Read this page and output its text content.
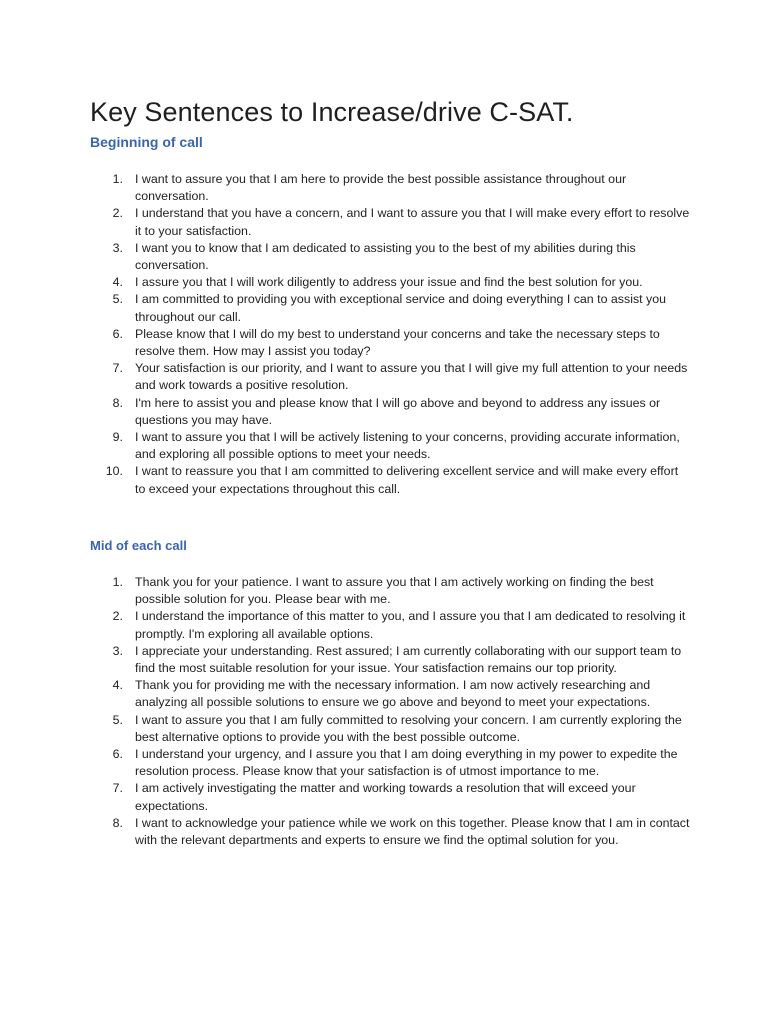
Key Sentences to Increase/drive C-SAT.
Beginning of call
1. I want to assure you that I am here to provide the best possible assistance throughout our conversation.
2. I understand that you have a concern, and I want to assure you that I will make every effort to resolve it to your satisfaction.
3. I want you to know that I am dedicated to assisting you to the best of my abilities during this conversation.
4. I assure you that I will work diligently to address your issue and find the best solution for you.
5. I am committed to providing you with exceptional service and doing everything I can to assist you throughout our call.
6. Please know that I will do my best to understand your concerns and take the necessary steps to resolve them. How may I assist you today?
7. Your satisfaction is our priority, and I want to assure you that I will give my full attention to your needs and work towards a positive resolution.
8. I'm here to assist you and please know that I will go above and beyond to address any issues or questions you may have.
9. I want to assure you that I will be actively listening to your concerns, providing accurate information, and exploring all possible options to meet your needs.
10. I want to reassure you that I am committed to delivering excellent service and will make every effort to exceed your expectations throughout this call.
Mid of each call
1. Thank you for your patience. I want to assure you that I am actively working on finding the best possible solution for you. Please bear with me.
2. I understand the importance of this matter to you, and I assure you that I am dedicated to resolving it promptly. I'm exploring all available options.
3. I appreciate your understanding. Rest assured; I am currently collaborating with our support team to find the most suitable resolution for your issue. Your satisfaction remains our top priority.
4. Thank you for providing me with the necessary information. I am now actively researching and analyzing all possible solutions to ensure we go above and beyond to meet your expectations.
5. I want to assure you that I am fully committed to resolving your concern. I am currently exploring the best alternative options to provide you with the best possible outcome.
6. I understand your urgency, and I assure you that I am doing everything in my power to expedite the resolution process. Please know that your satisfaction is of utmost importance to me.
7. I am actively investigating the matter and working towards a resolution that will exceed your expectations.
8. I want to acknowledge your patience while we work on this together. Please know that I am in contact with the relevant departments and experts to ensure we find the optimal solution for you.
